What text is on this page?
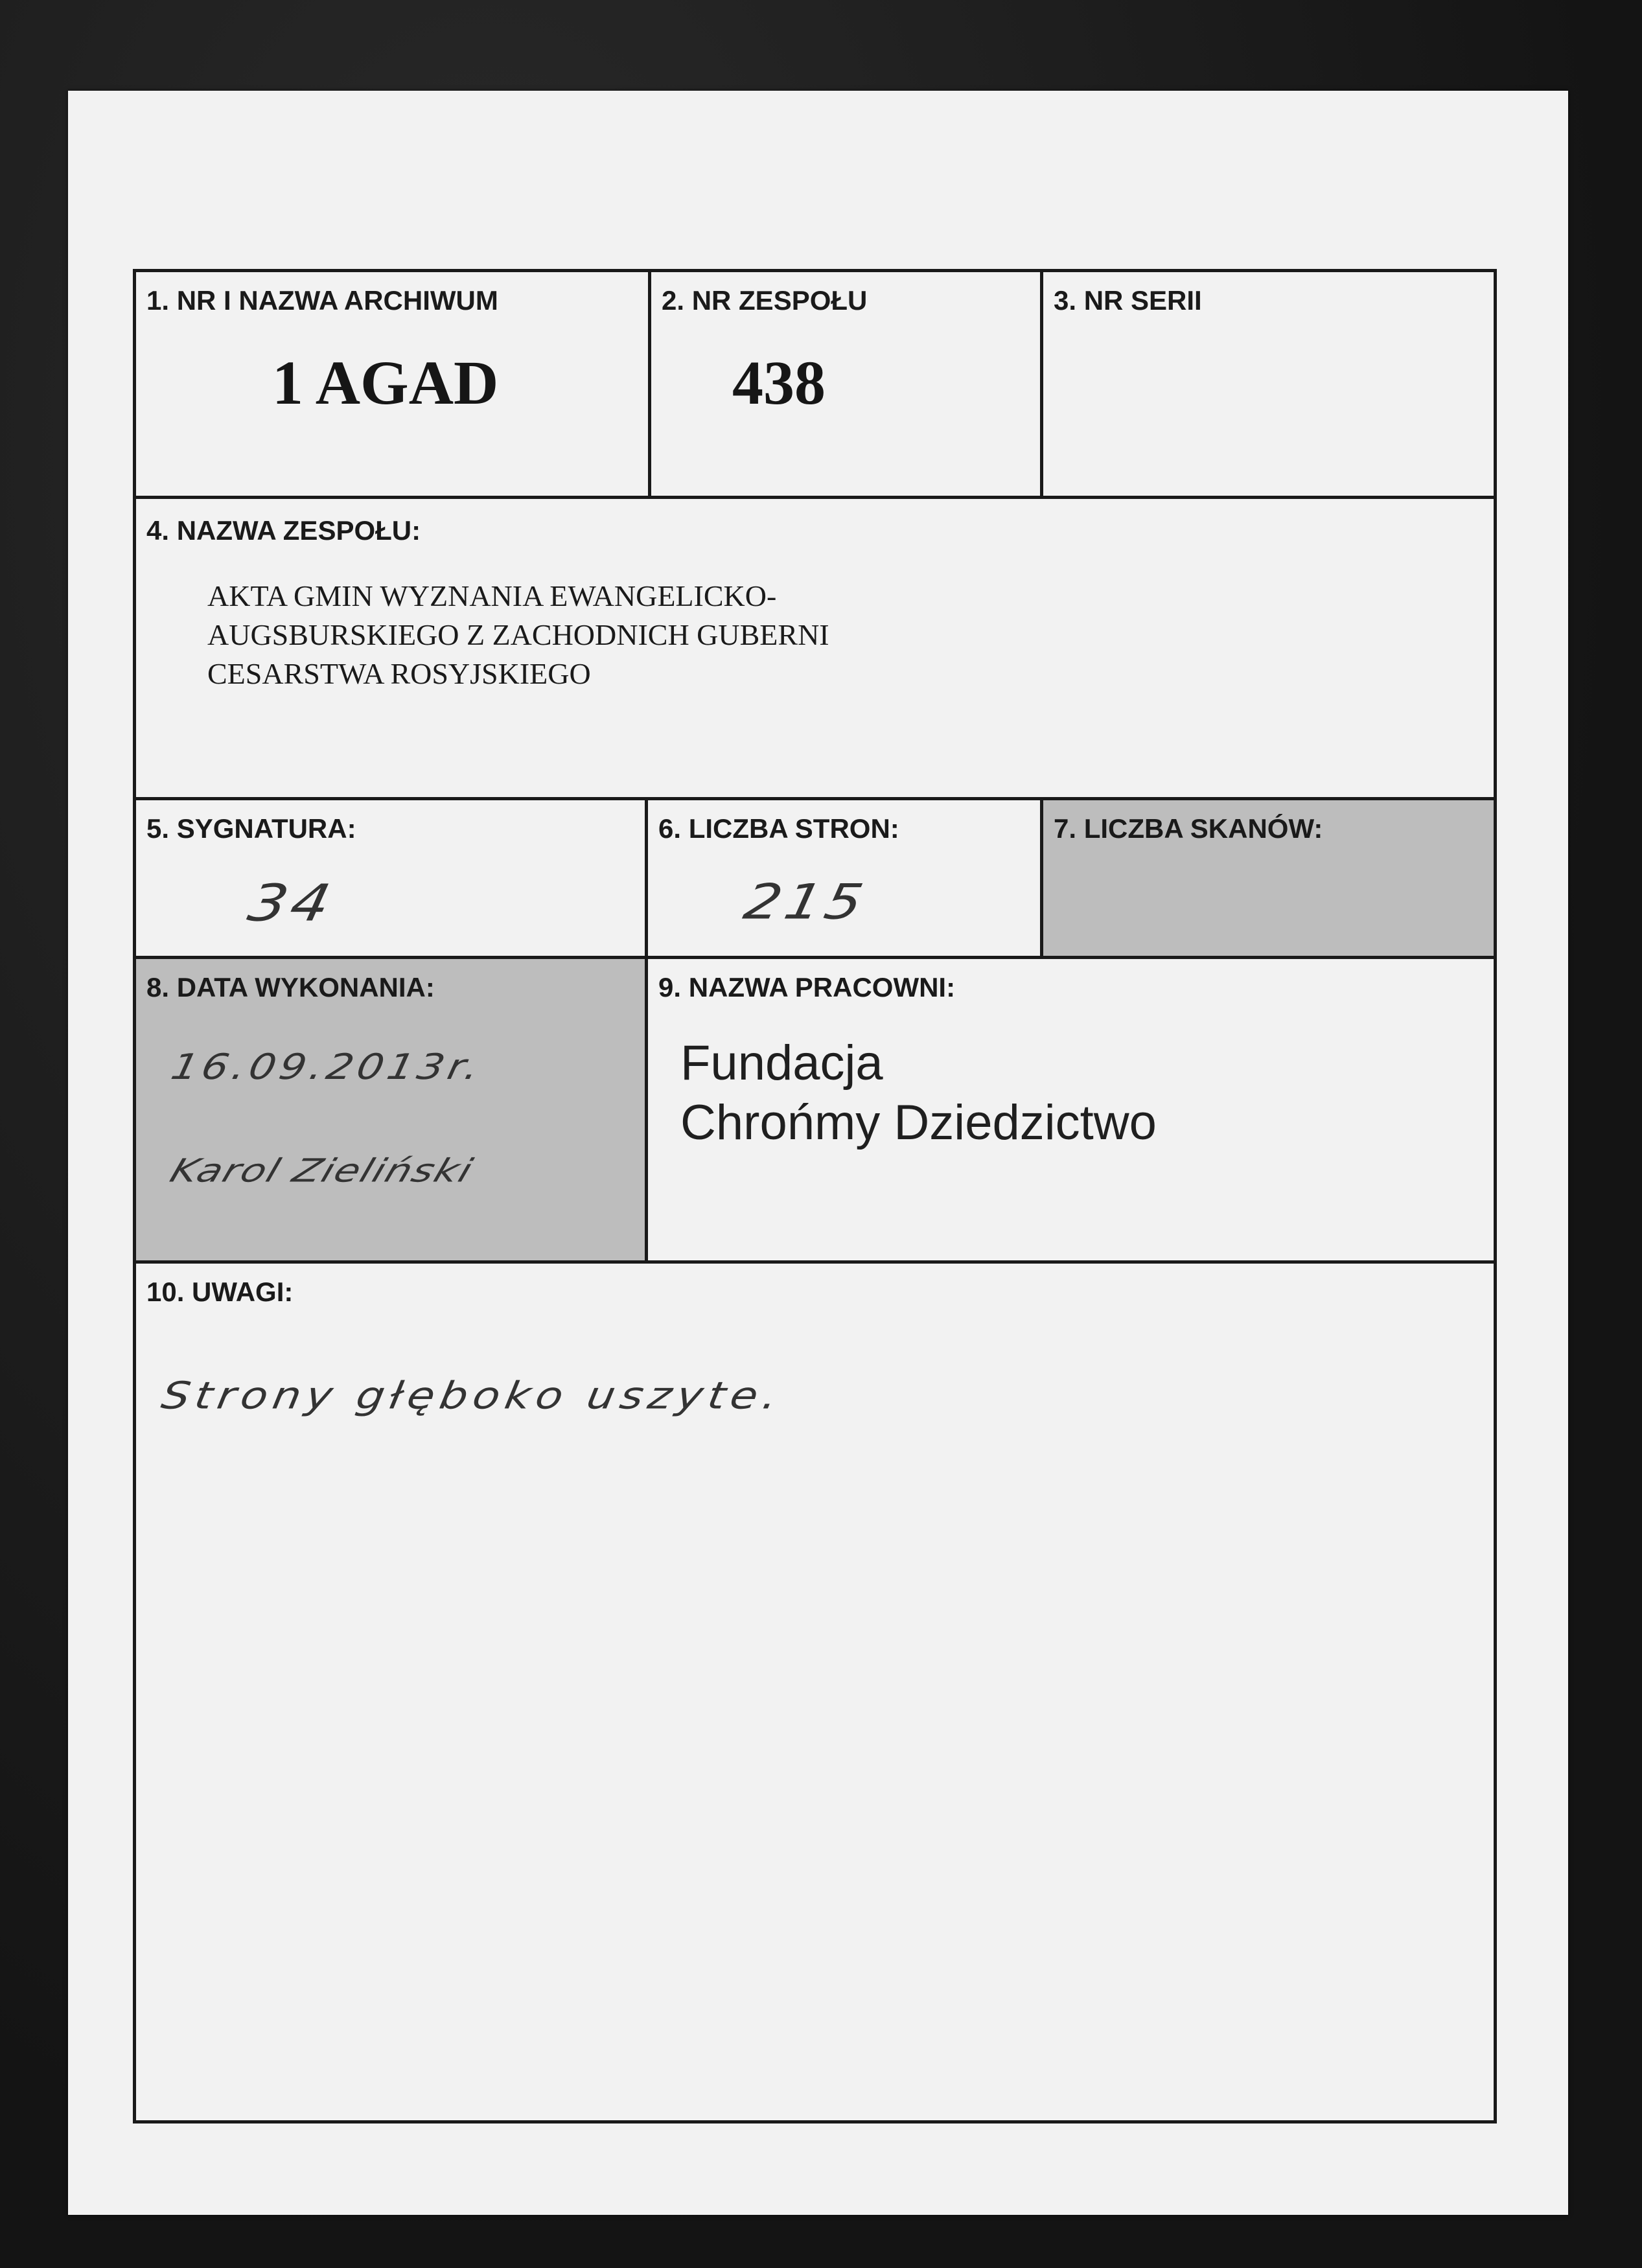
1. NR I NAZWA ARCHIWUM
1 AGAD
2. NR ZESPOŁU
438
3. NR SERII
4. NAZWA ZESPOŁU:
AKTA GMIN WYZNANIA EWANGELICKO-
AUGSBURSKIEGO Z ZACHODNICH GUBERNI
CESARSTWA ROSYJSKIEGO
5. SYGNATURA:
34
6. LICZBA STRON:
215
7. LICZBA SKANÓW:
8. DATA WYKONANIA:
16.09.2013r.
Karol Zieliński
9. NAZWA PRACOWNI:
Fundacja
Chrońmy Dziedzictwo
10. UWAGI:
Strony głęboko uszyte.
